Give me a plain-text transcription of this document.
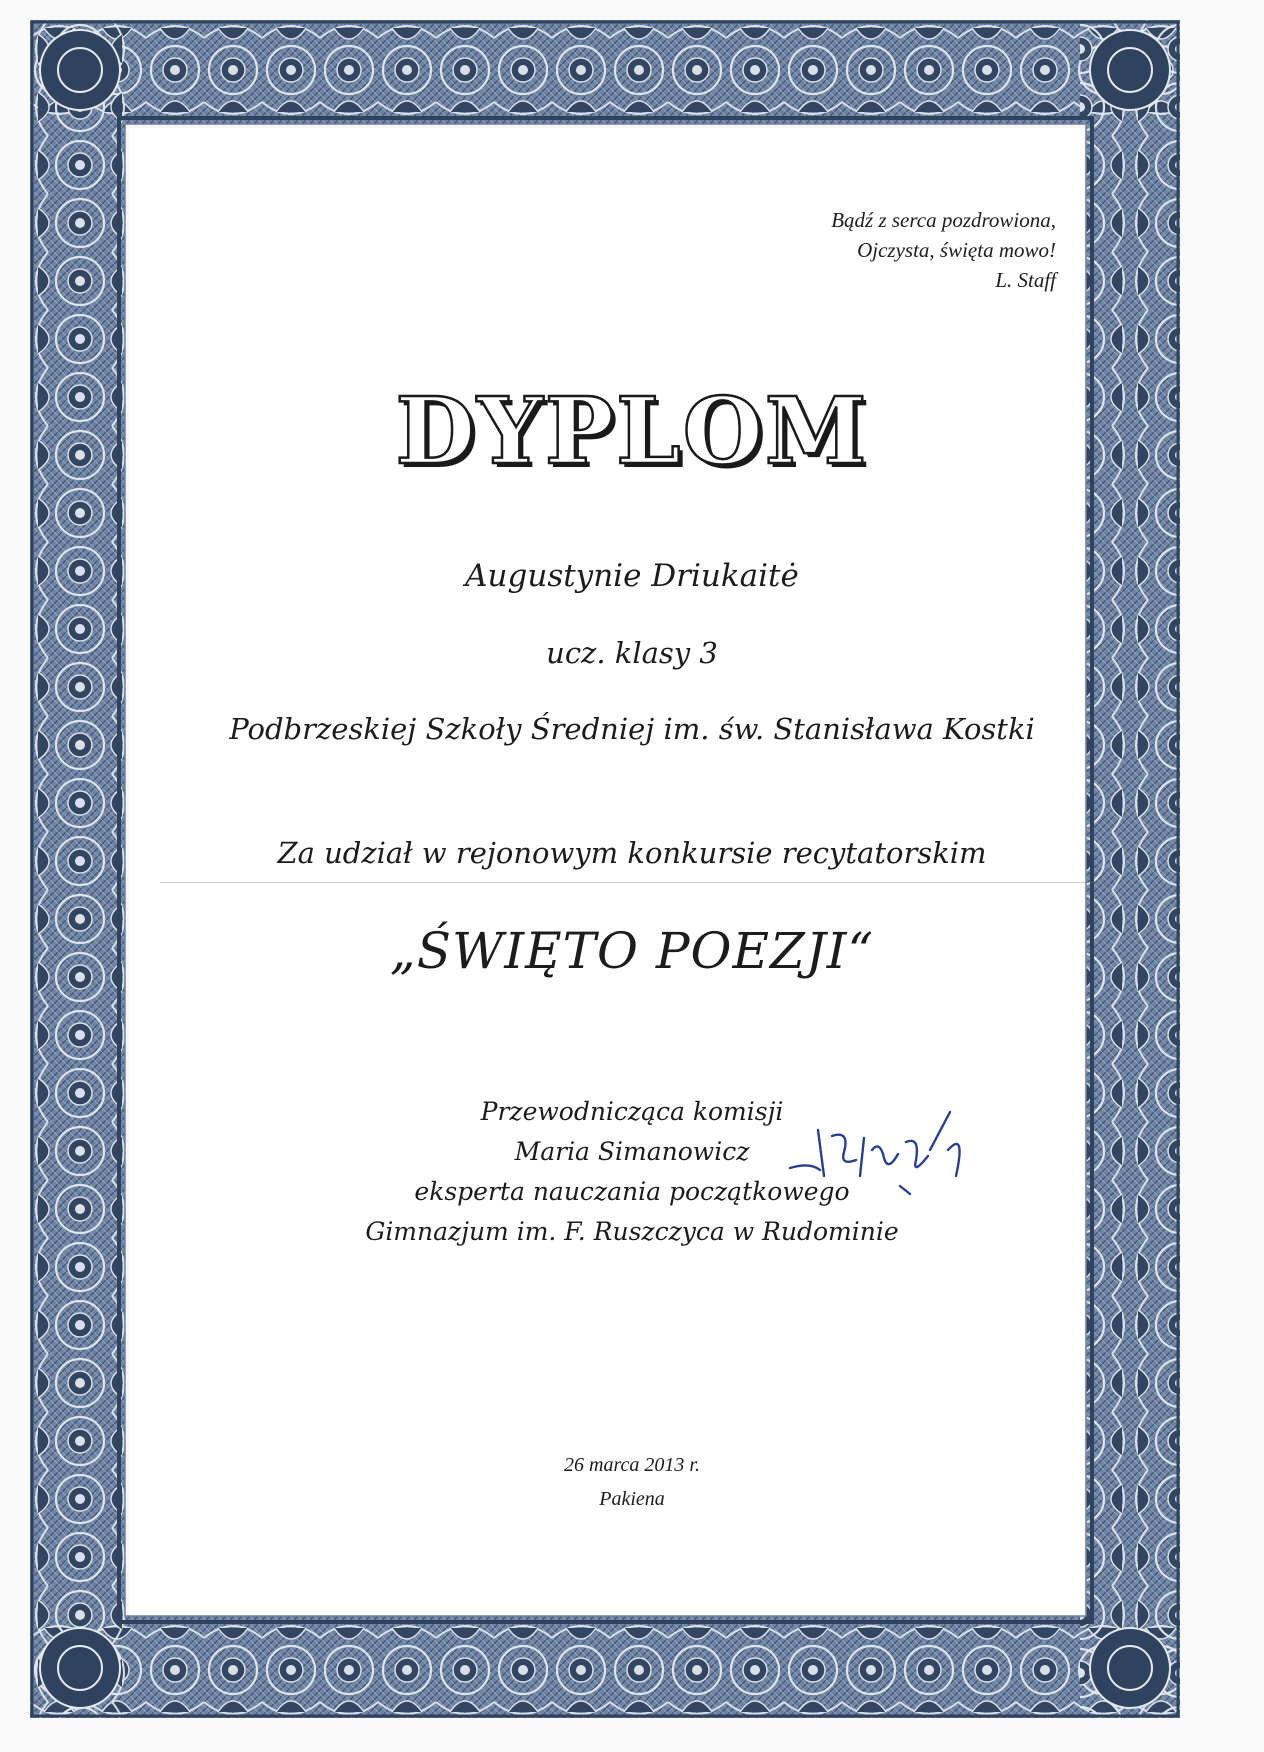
Bądź z serca pozdrowiona,
Ojczysta, święta mowo!
L. Staff
DYPLOM
Augustynie Driukaitė
ucz. klasy 3
Podbrzeskiej Szkoły Średniej im. św. Stanisława Kostki
Za udział w rejonowym konkursie recytatorskim
„ŚWIĘTO POEZJI“
Przewodnicząca komisji
Maria Simanowicz
eksperta nauczania początkowego
Gimnazjum im. F. Ruszczyca w Rudominie
26 marca 2013 r.
Pakiena
